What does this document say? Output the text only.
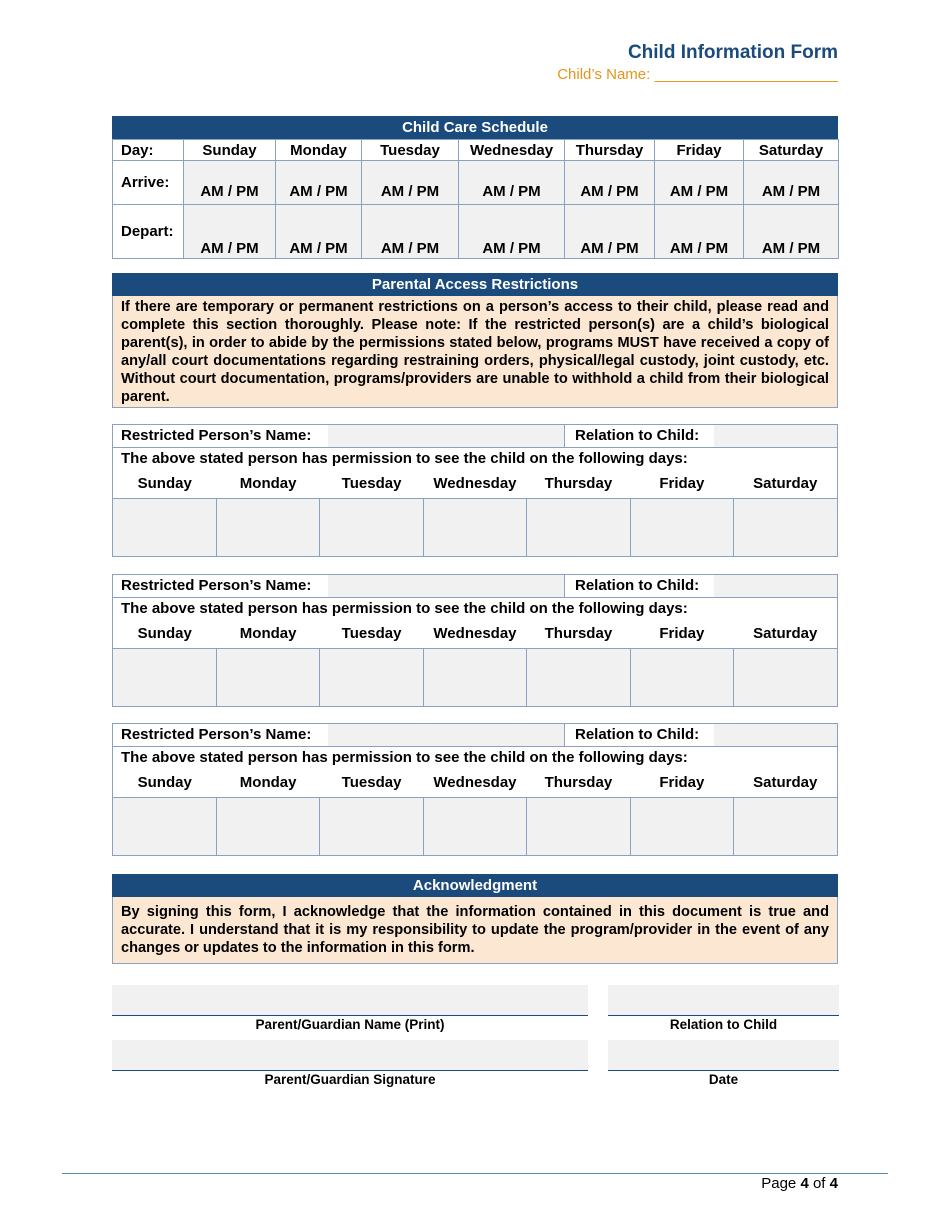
Child Information Form
Child’s Name: ______________________
Child Care Schedule
Day:	Sunday	Monday	Tuesday	Wednesday	Thursday	Friday	Saturday
Arrive:	AM / PM	AM / PM	AM / PM	AM / PM	AM / PM	AM / PM	AM / PM
Depart:	AM / PM	AM / PM	AM / PM	AM / PM	AM / PM	AM / PM	AM / PM
Parental Access Restrictions
If there are temporary or permanent restrictions on a person’s access to their child, please read and complete this section thoroughly. Please note: If the restricted person(s) are a child’s biological parent(s), in order to abide by the permissions stated below, programs MUST have received a copy of any/all court documentations regarding restraining orders, physical/legal custody, joint custody, etc. Without court documentation, programs/providers are unable to withhold a child from their biological parent.
Restricted Person’s Name:	Relation to Child:
The above stated person has permission to see the child on the following days:
Sunday	Monday	Tuesday	Wednesday	Thursday	Friday	Saturday
Restricted Person’s Name:	Relation to Child:
The above stated person has permission to see the child on the following days:
Sunday	Monday	Tuesday	Wednesday	Thursday	Friday	Saturday
Restricted Person’s Name:	Relation to Child:
The above stated person has permission to see the child on the following days:
Sunday	Monday	Tuesday	Wednesday	Thursday	Friday	Saturday
Acknowledgment
By signing this form, I acknowledge that the information contained in this document is true and accurate. I understand that it is my responsibility to update the program/provider in the event of any changes or updates to the information in this form.
Parent/Guardian Name (Print)	Relation to Child
Parent/Guardian Signature	Date
Page 4 of 4
